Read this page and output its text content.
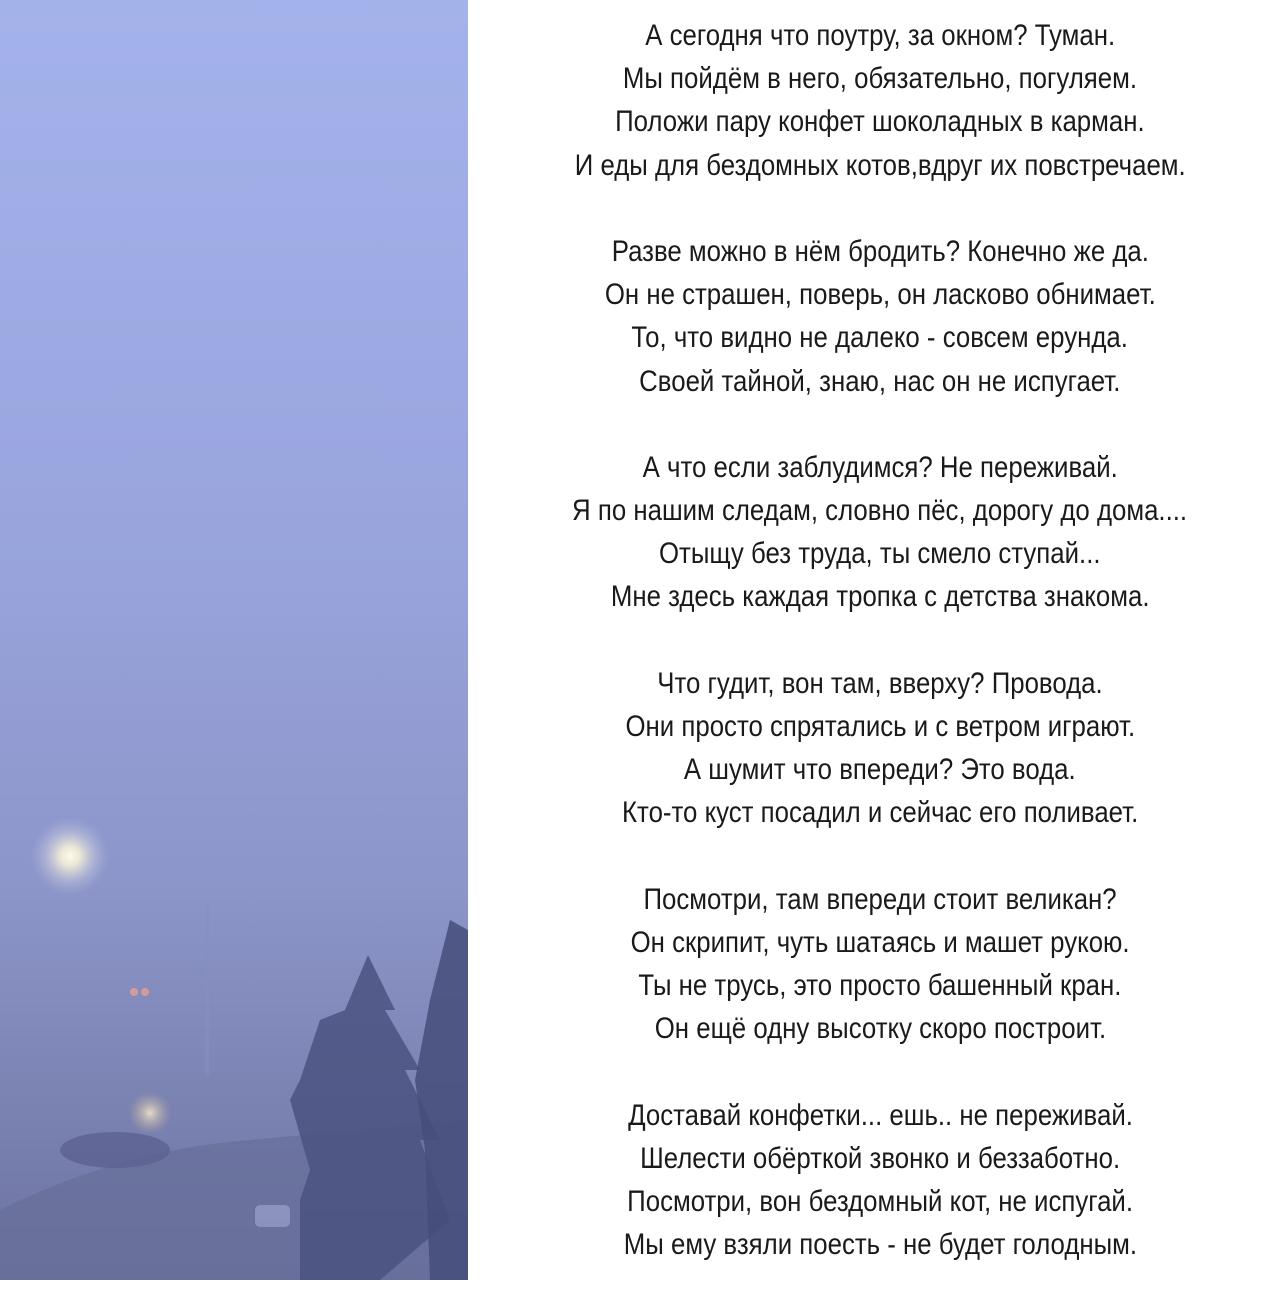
А сегодня что поутру, за окном? Туман.
Мы пойдём в него, обязательно, погуляем.
Положи пару конфет шоколадных в карман.
И еды для бездомных котов,вдруг их повстречаем.
Разве можно в нём бродить? Конечно же да.
Он не страшен, поверь, он ласково обнимает.
То, что видно не далеко - совсем ерунда.
Своей тайной, знаю, нас он не испугает.
А что если заблудимся? Не переживай.
Я по нашим следам, словно пёс, дорогу до дома....
Отыщу без труда, ты смело ступай...
Мне здесь каждая тропка с детства знакома.
Что гудит, вон там, вверху? Провода.
Они просто спрятались и с ветром играют.
А шумит что впереди? Это вода.
Кто-то куст посадил и сейчас его поливает.
Посмотри, там впереди стоит великан?
Он скрипит, чуть шатаясь и машет рукою.
Ты не трусь, это просто башенный кран.
Он ещё одну высотку скоро построит.
Доставай конфетки... ешь.. не переживай.
Шелести обёрткой звонко и беззаботно.
Посмотри, вон бездомный кот, не испугай.
Мы ему взяли поесть - не будет голодным.
